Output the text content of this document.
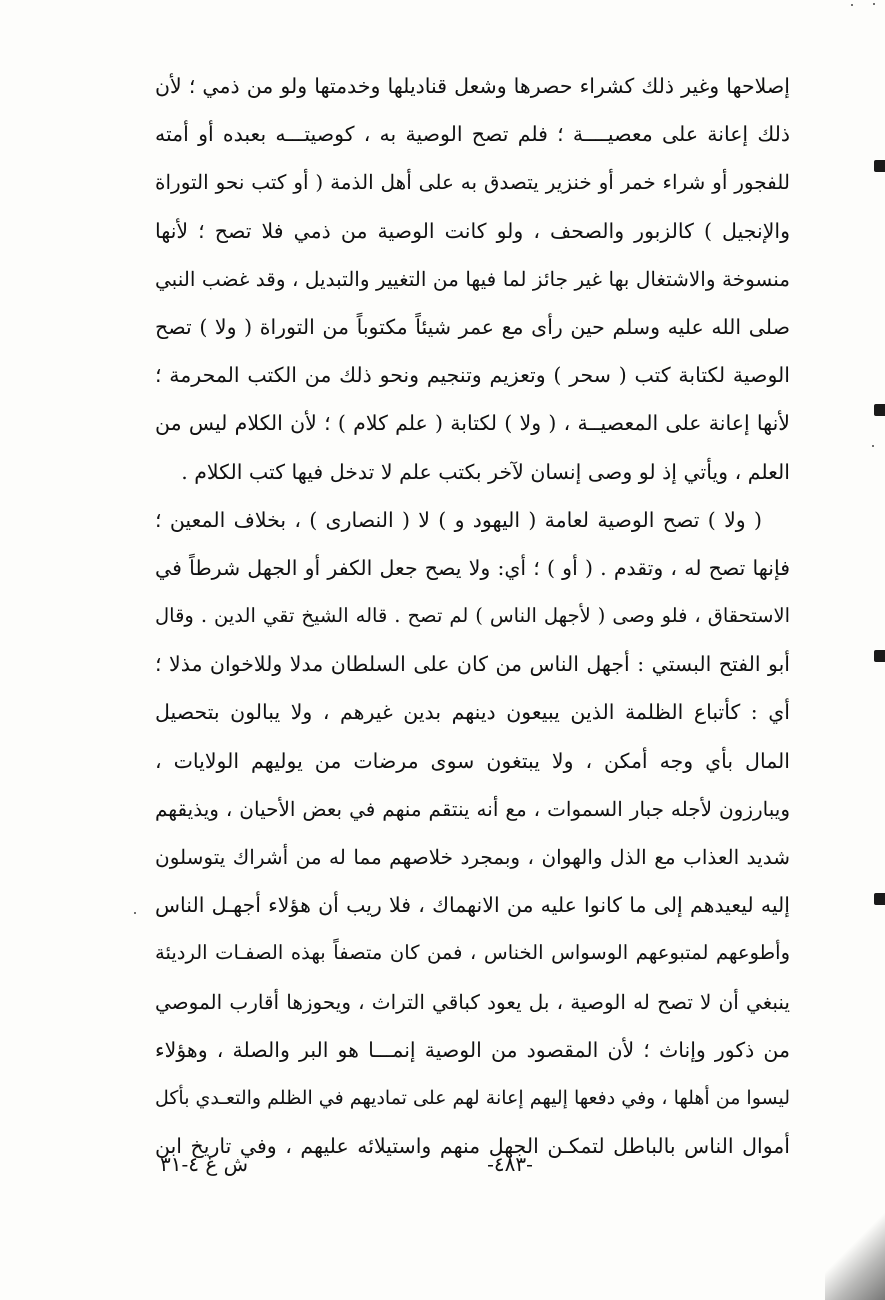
إصلاحها وغير ذلك كشراء حصرها وشعل قناديلها وخدمتها ولو من ذمي ؛ لأن
ذلك إعانة على معصيــــة ؛ فلم تصح الوصية به ، كوصيتـــه بعبده أو أمته
للفجور أو شراء خمر أو خنزير يتصدق به على أهل الذمة ( أو كتب نحو التوراة
والإنجيل ) كالزبور والصحف ، ولو كانت الوصية من ذمي فلا تصح ؛ لأنها
منسوخة والاشتغال بها غير جائز لما فيها من التغيير والتبديل ، وقد غضب النبي
صلى الله عليه وسلم حين رأى مع عمر شيئاً مكتوباً من التوراة ( ولا ) تصح
الوصية لكتابة كتب ( سحر ) وتعزيم وتنجيم ونحو ذلك من الكتب المحرمة ؛
لأنها إعانة على المعصيــة ، ( ولا ) لكتابة ( علم كلام ) ؛ لأن الكلام ليس من
العلم ، ويأتي إذ لو وصى إنسان لآخر بكتب علم لا تدخل فيها كتب الكلام .
( ولا ) تصح الوصية لعامة ( اليهود و ) لا ( النصارى ) ، بخلاف المعين ؛
فإنها تصح له ، وتقدم . ( أو ) ؛ أي: ولا يصح جعل الكفر أو الجهل شرطاً في
الاستحقاق ، فلو وصى ( لأجهل الناس ) لم تصح . قاله الشيخ تقي الدين . وقال
أبو الفتح البستي : أجهل الناس من كان على السلطان مدلا وللاخوان مذلا ؛
أي : كأتباع الظلمة الذين يبيعون دينهم بدين غيرهم ، ولا يبالون بتحصيل
المال بأي وجه أمكن ، ولا يبتغون سوى مرضات من يوليهم الولايات ،
ويبارزون لأجله جبار السموات ، مع أنه ينتقم منهم في بعض الأحيان ، ويذيقهم
شديد العذاب مع الذل والهوان ، وبمجرد خلاصهم مما له من أشراك يتوسلون
إليه ليعيدهم إلى ما كانوا عليه من الانهماك ، فلا ريب أن هؤلاء أجهـل الناس
وأطوعهم لمتبوعهم الوسواس الخناس ، فمن كان متصفاً بهذه الصفـات الرديئة
ينبغي أن لا تصح له الوصية ، بل يعود كباقي التراث ، ويحوزها أقارب الموصي
من ذكور وإناث ؛ لأن المقصود من الوصية إنمـــا هو البر والصلة ، وهؤلاء
ليسوا من أهلها ، وفي دفعها إليهم إعانة لهم على تماديهم في الظلم والتعـدي بأكل
أموال الناس بالباطل لتمكـن الجهل منهم واستيلائه عليهم ، وفي تاريخ ابن
ش غ ٤-٣١	-٤٨٣-
